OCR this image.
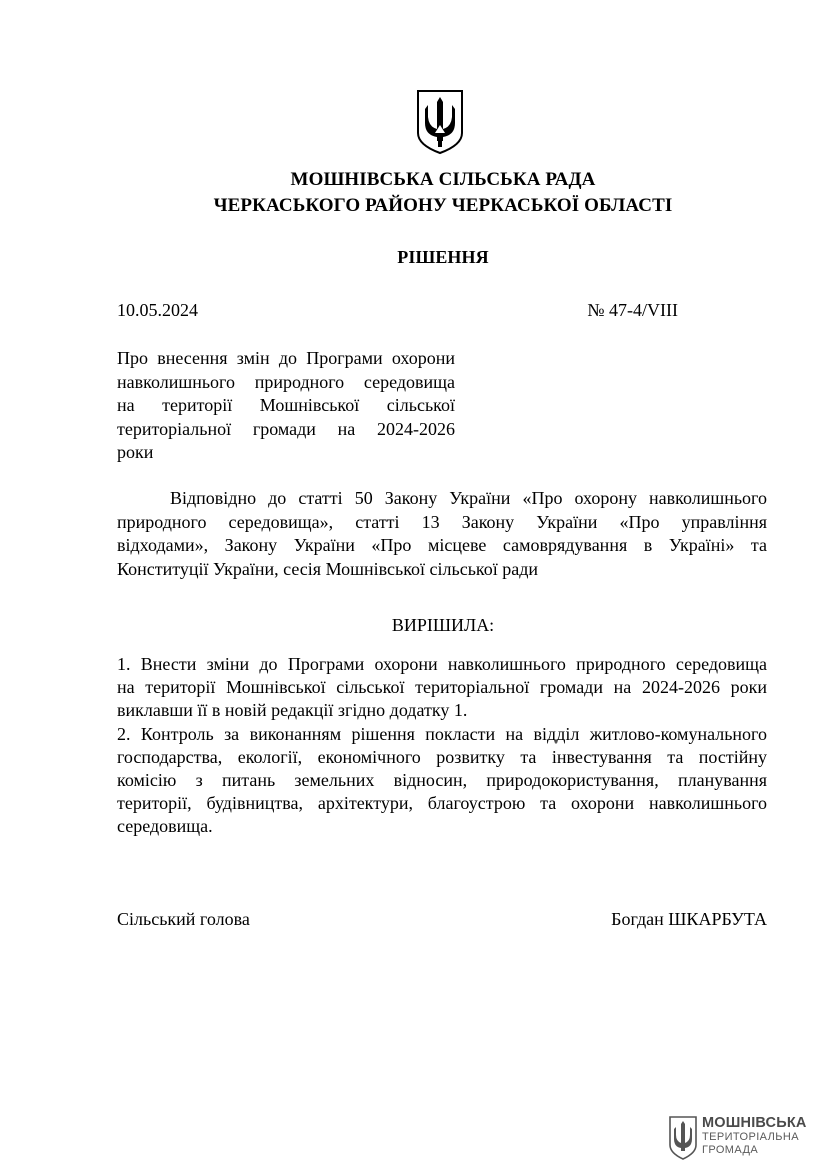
МОШНІВСЬКА СІЛЬСЬКА РАДА
ЧЕРКАСЬКОГО РАЙОНУ ЧЕРКАСЬКОЇ ОБЛАСТІ
РІШЕННЯ
10.05.2024	№ 47-4/VIII
Про внесення змін до Програми охорони
навколишнього природного середовища
на території Мошнівської сільської
територіальної громади на 2024-2026
роки
Відповідно до статті 50 Закону України «Про охорону навколишнього
природного середовища», статті 13 Закону України «Про управління
відходами», Закону України «Про місцеве самоврядування в Україні» та
Конституції України, сесія Мошнівської сільської ради
ВИРІШИЛА:
1. Внести зміни до Програми охорони навколишнього природного середовища
на території Мошнівської сільської територіальної громади на 2024-2026 роки
виклавши її в новій редакції згідно додатку 1.
2. Контроль за виконанням рішення покласти на відділ житлово-комунального
господарства, екології, економічного розвитку та інвестування та постійну
комісію з питань земельних відносин, природокористування, планування
території, будівництва, архітектури, благоустрою та охорони навколишнього
середовища.
Сільський голова	Богдан ШКАРБУТА
МОШНІВСЬКА
ТЕРИТОРІАЛЬНА
ГРОМАДА
